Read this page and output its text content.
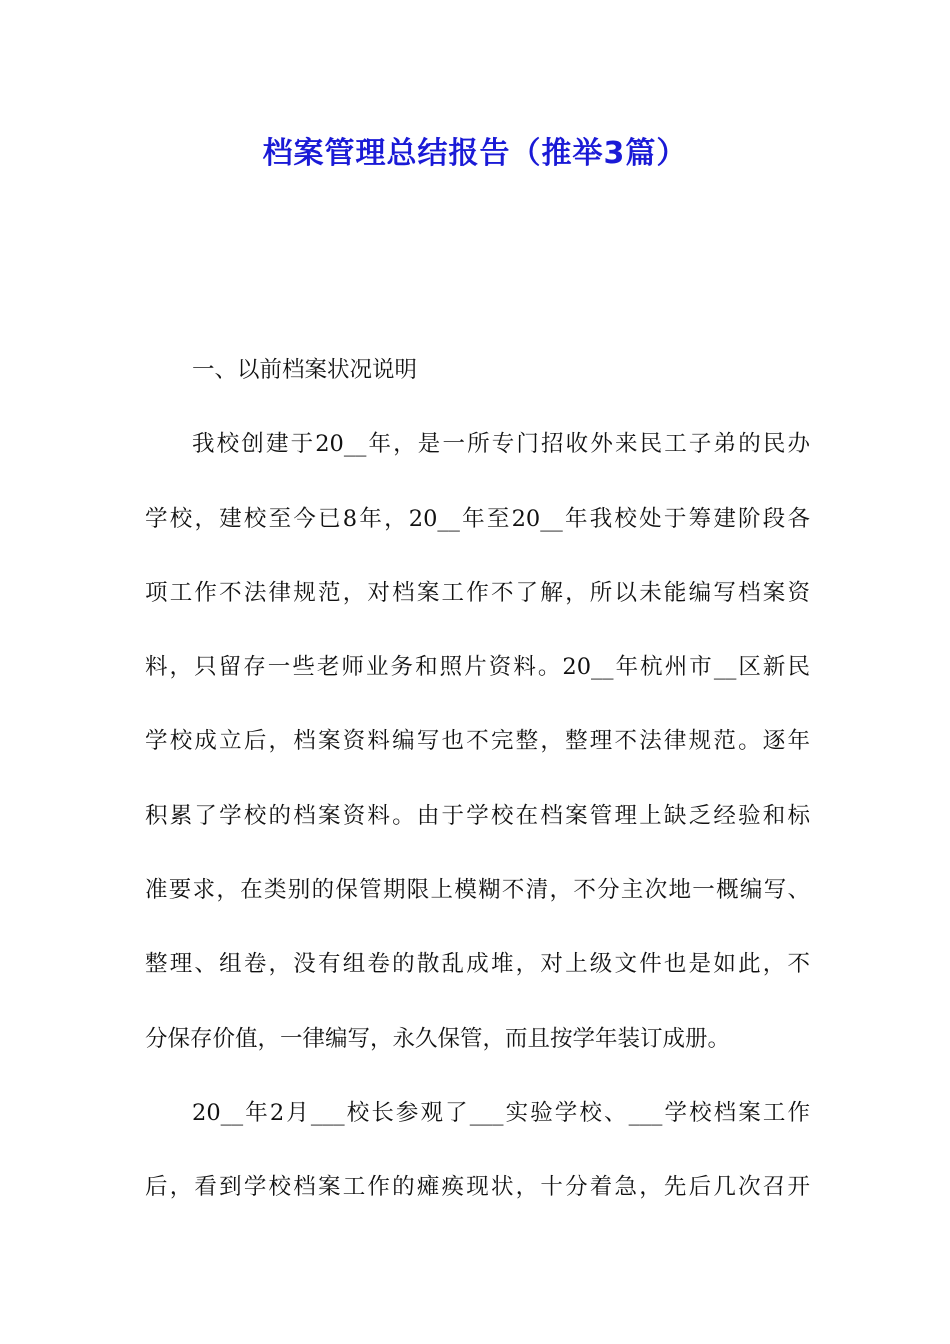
档案管理总结报告（推举3篇）
一、以前档案状况说明
我校创建于20__年，是一所专门招收外来民工子弟的民办
学校，建校至今已8年，20__年至20__年我校处于筹建阶段各
项工作不法律规范，对档案工作不了解，所以未能编写档案资
料，只留存一些老师业务和照片资料。20__年杭州市__区新民
学校成立后，档案资料编写也不完整，整理不法律规范。逐年
积累了学校的档案资料。由于学校在档案管理上缺乏经验和标
准要求，在类别的保管期限上模糊不清，不分主次地一概编写、
整理、组卷，没有组卷的散乱成堆，对上级文件也是如此，不
分保存价值，一律编写，永久保管，而且按学年装订成册。
20__年2月___校长参观了___实验学校、___学校档案工作
后，看到学校档案工作的瘫痪现状，十分着急，先后几次召开
